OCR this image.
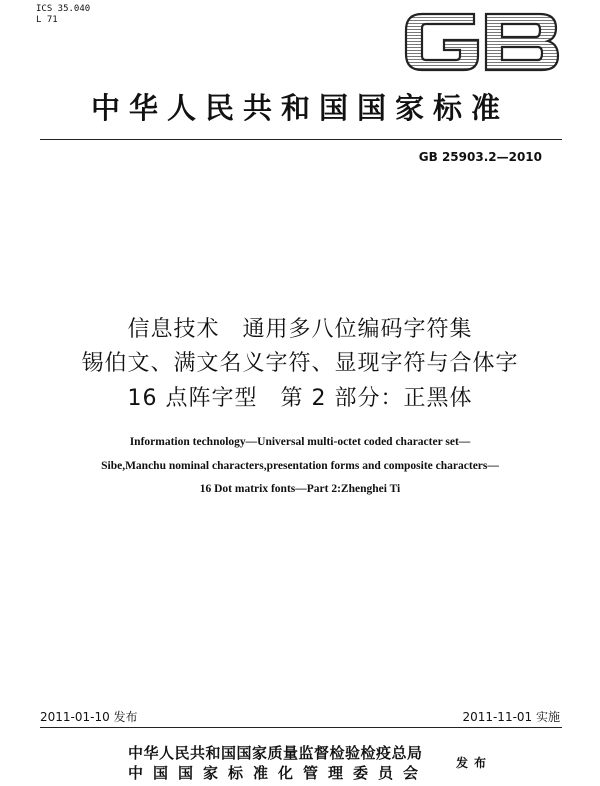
ICS 35.040
L 71
中华人民共和国国家标准
GB 25903.2—2010
信息技术　通用多八位编码字符集
锡伯文、满文名义字符、显现字符与合体字
16 点阵字型　第 2 部分：正黑体
Information technology—Universal multi-octet coded character set—
Sibe,Manchu nominal characters,presentation forms and composite characters—
16 Dot matrix fonts—Part 2:Zhenghei Ti
2011-01-10 发布	2011-11-01 实施
中华人民共和国国家质量监督检验检疫总局
中国国家标准化管理委员会
发布
